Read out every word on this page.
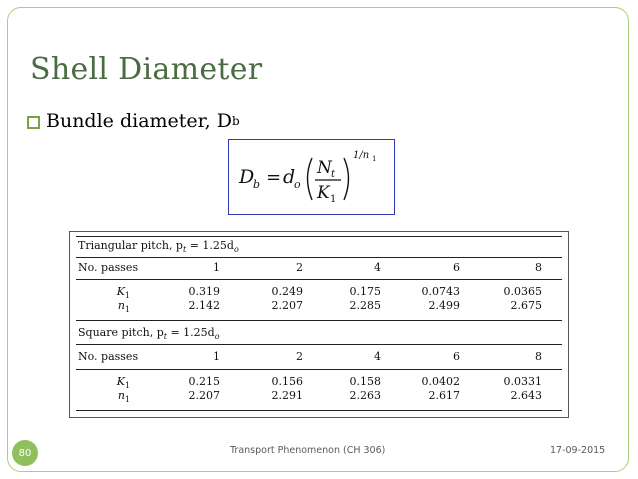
Shell Diameter
Bundle diameter, D b
D
b = d
o
N t
K 1
1/n 1
Triangular pitch, $p_t = 1.25d_o$
No. passes	1	2	4	6	8
$K_1$	0.319	0.249	0.175	0.0743	0.0365
$n_1$	2.142	2.207	2.285	2.499	2.675
Square pitch, $p_t = 1.25d_o$
No. passes	1	2	4	6	8
$K_1$	0.215	0.156	0.158	0.0402	0.0331
$n_1$	2.207	2.291	2.263	2.617	2.643
80	Transport Phenomenon (CH 306)	17-09-2015
